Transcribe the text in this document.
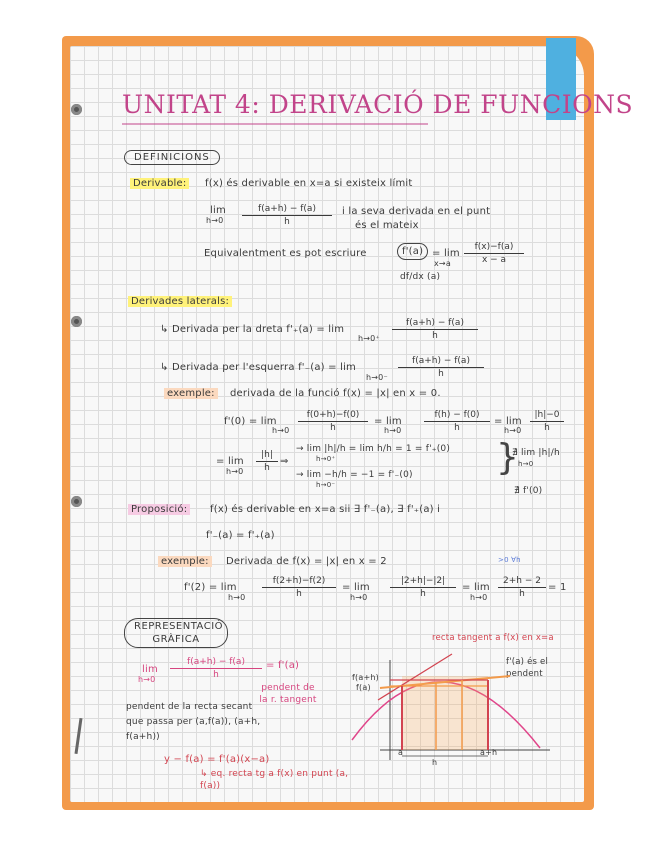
UNITAT 4: DERIVACIÓ DE FUNCIONS
DEFINICIONS
Derivable:	f(x) és derivable en x=a si existeix límit
lim
$h\to 0 \frac{f(a+h) - f(a)}{h}$ i la seva derivada en el punt
és el mateix
Equivalentment es pot escriure	f'(a) = lim
$x\to a \frac{f(x)-f(a)}{x - a}$
df/dx (a)
Derivades laterals:
↳ Derivada per la dreta f'₊(a) = lim
$h\to 0^+ \frac{f(a+h) - f(a)}{h}$
↳ Derivada per l'esquerra f'₋(a) = lim
$h\to 0^- \frac{f(a+h) - f(a)}{h}$
exemple:	derivada de la funció f(x) = |x| en x = 0.
f'(0) = lim
$h\to 0 \frac{f(0+h)-f(0)}{h} = \lim$
h→0	$\frac{f(h) - f(0)}{h} = \lim$
$h\to 0 \frac{|h|-0}{h}$
= lim
$h\to 0 \frac{|h|}{h}$ ⇒
→ lim |h|/h = lim h/h = 1 = f'₊(0)
h→0⁺
→ lim −h/h = −1 = f'₋(0)
h→0⁻
}
∄ lim |h|/h
h→0
∄ f'(0)
Proposició:	f(x) és derivable en x=a sii ∃ f'₋(a), ∃ f'₊(a) i
f'₋(a) = f'₊(a)
exemple:	Derivada de f(x) = |x| en x = 2	>0 ∀h
f'(2) = lim
$h\to 0 \frac{f(2+h)-f(2)}{h} = \lim$
h→0	$\frac{|2+h|-|2|}{h} = \lim$
$h\to 0 \frac{2+h - 2}{h} = 1$
REPRESENTACIÓ GRÀFICA
lim
$h\to 0 \frac{f(a+h) - f(a)}{h} = f'(a)$
pendent de la recta secant que passa per (a,f(a)), (a+h, f(a+h))
pendent de la r. tangent
recta tangent a f(x) en x=a
f'(a) és el pendent
y − f(a) = f'(a)(x−a)
↳ eq. recta tg a f(x) en punt (a, f(a))
f(a+h)
f(a)
a	a+h
h
